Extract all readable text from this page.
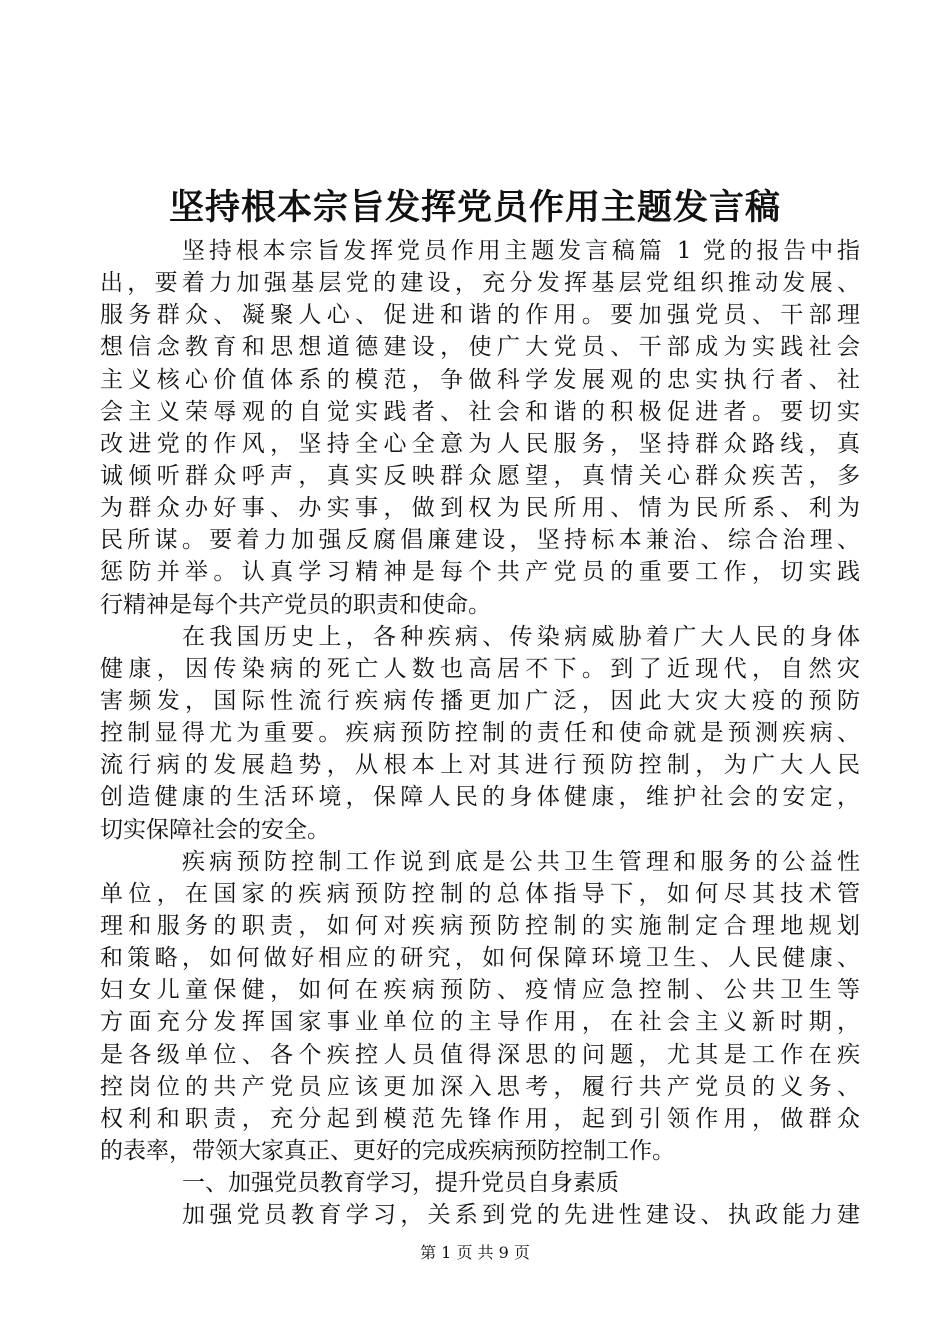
坚持根本宗旨发挥党员作用主题发言稿
坚持根本宗旨发挥党员作用主题发言稿篇 1 党的报告中指
出，要着力加强基层党的建设，充分发挥基层党组织推动发展、
服务群众、凝聚人心、促进和谐的作用。要加强党员、干部理
想信念教育和思想道德建设，使广大党员、干部成为实践社会
主义核心价值体系的模范，争做科学发展观的忠实执行者、社
会主义荣辱观的自觉实践者、社会和谐的积极促进者。要切实
改进党的作风，坚持全心全意为人民服务，坚持群众路线，真
诚倾听群众呼声，真实反映群众愿望，真情关心群众疾苦，多
为群众办好事、办实事，做到权为民所用、情为民所系、利为
民所谋。要着力加强反腐倡廉建设，坚持标本兼治、综合治理、
惩防并举。认真学习精神是每个共产党员的重要工作，切实践
行精神是每个共产党员的职责和使命。
在我国历史上，各种疾病、传染病威胁着广大人民的身体
健康，因传染病的死亡人数也高居不下。到了近现代，自然灾
害频发，国际性流行疾病传播更加广泛，因此大灾大疫的预防
控制显得尤为重要。疾病预防控制的责任和使命就是预测疾病、
流行病的发展趋势，从根本上对其进行预防控制，为广大人民
创造健康的生活环境，保障人民的身体健康，维护社会的安定，
切实保障社会的安全。
疾病预防控制工作说到底是公共卫生管理和服务的公益性
单位，在国家的疾病预防控制的总体指导下，如何尽其技术管
理和服务的职责，如何对疾病预防控制的实施制定合理地规划
和策略，如何做好相应的研究，如何保障环境卫生、人民健康、
妇女儿童保健，如何在疾病预防、疫情应急控制、公共卫生等
方面充分发挥国家事业单位的主导作用，在社会主义新时期，
是各级单位、各个疾控人员值得深思的问题，尤其是工作在疾
控岗位的共产党员应该更加深入思考，履行共产党员的义务、
权利和职责，充分起到模范先锋作用，起到引领作用，做群众
的表率，带领大家真正、更好的完成疾病预防控制工作。
一、加强党员教育学习，提升党员自身素质
加强党员教育学习，关系到党的先进性建设、执政能力建
第 1 页 共 9 页
